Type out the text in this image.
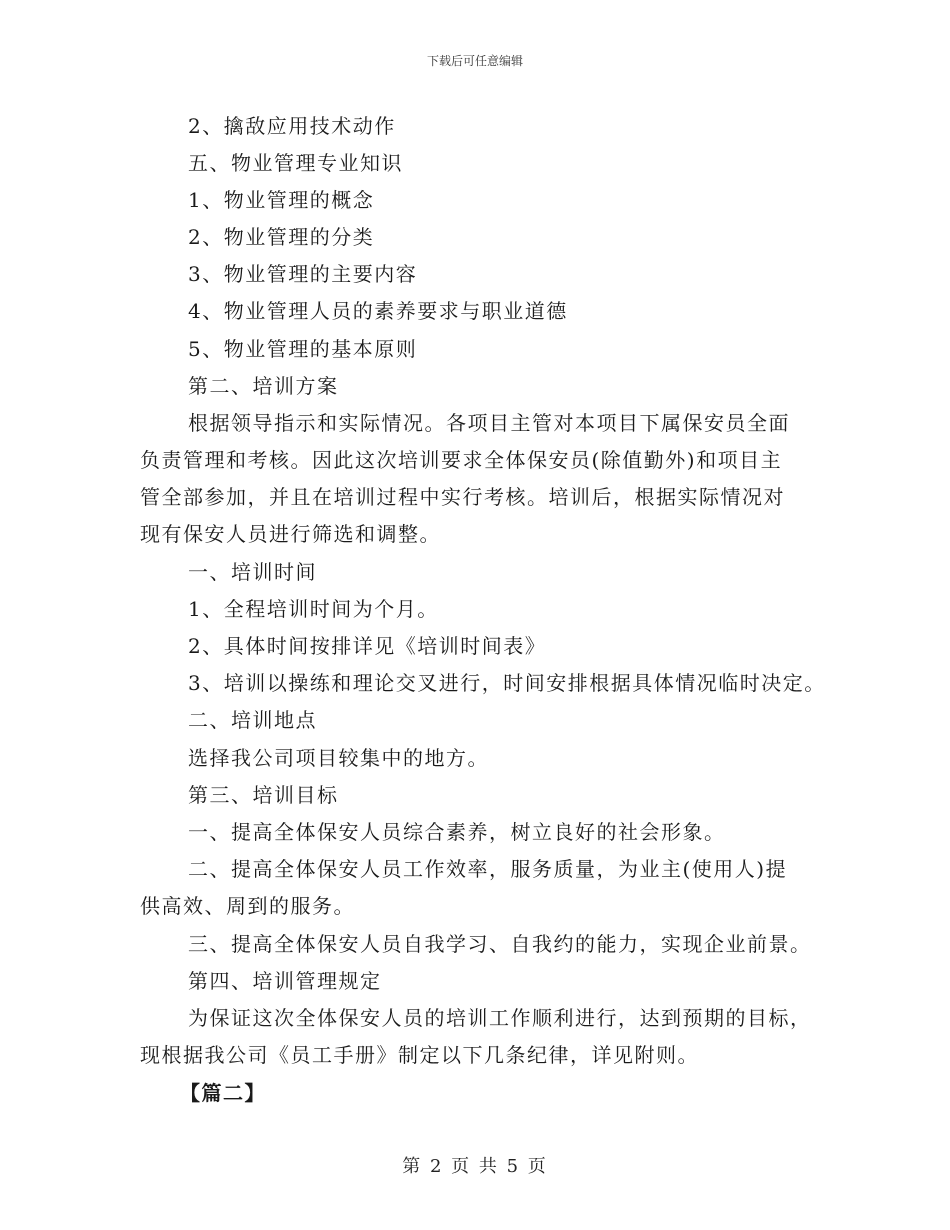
下载后可任意编辑
2、擒敌应用技术动作
五、物业管理专业知识
1、物业管理的概念
2、物业管理的分类
3、物业管理的主要内容
4、物业管理人员的素养要求与职业道德
5、物业管理的基本原则
第二、培训方案
根据领导指示和实际情况。各项目主管对本项目下属保安员全面
负责管理和考核。因此这次培训要求全体保安员(除值勤外)和项目主
管全部参加，并且在培训过程中实行考核。培训后，根据实际情况对
现有保安人员进行筛选和调整。
一、培训时间
1、全程培训时间为个月。
2、具体时间按排详见《培训时间表》
3、培训以操练和理论交叉进行，时间安排根据具体情况临时决定。
二、培训地点
选择我公司项目较集中的地方。
第三、培训目标
一、提高全体保安人员综合素养，树立良好的社会形象。
二、提高全体保安人员工作效率，服务质量，为业主(使用人)提
供高效、周到的服务。
三、提高全体保安人员自我学习、自我约的能力，实现企业前景。
第四、培训管理规定
为保证这次全体保安人员的培训工作顺利进行，达到预期的目标，
现根据我公司《员工手册》制定以下几条纪律，详见附则。
【篇二】
第 2 页 共 5 页
